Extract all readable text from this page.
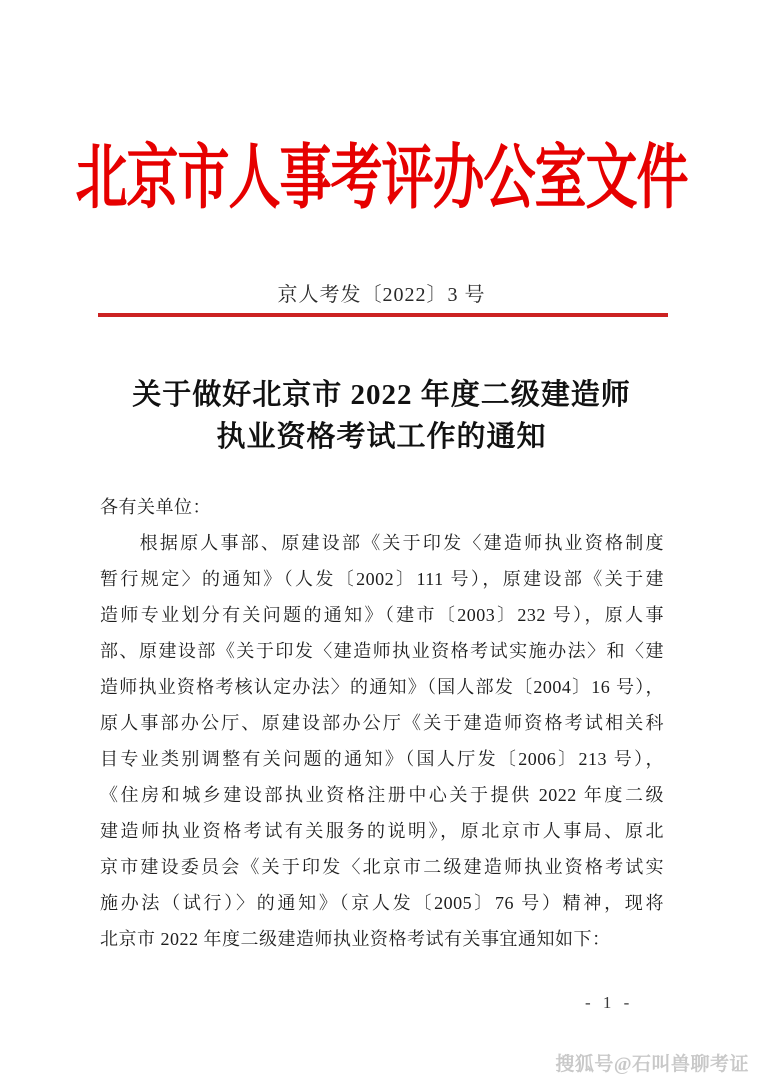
北京市人事考评办公室文件
京人考发〔2022〕3 号
关于做好北京市 2022 年度二级建造师
执业资格考试工作的通知
各有关单位：
根据原人事部、原建设部《关于印发〈建造师执业资格制度
暂行规定〉的通知》（人发〔2002〕111 号），原建设部《关于建
造师专业划分有关问题的通知》（建市〔2003〕232 号），原人事
部、原建设部《关于印发〈建造师执业资格考试实施办法〉和〈建
造师执业资格考核认定办法〉的通知》（国人部发〔2004〕16 号），
原人事部办公厅、原建设部办公厅《关于建造师资格考试相关科
目专业类别调整有关问题的通知》（国人厅发〔2006〕213 号），
《住房和城乡建设部执业资格注册中心关于提供 2022 年度二级
建造师执业资格考试有关服务的说明》，原北京市人事局、原北
京市建设委员会《关于印发〈北京市二级建造师执业资格考试实
施办法（试行）〉的通知》（京人发〔2005〕76 号）精神，现将
北京市 2022 年度二级建造师执业资格考试有关事宜通知如下：
- 1 -
搜狐号@石叫兽聊考证
